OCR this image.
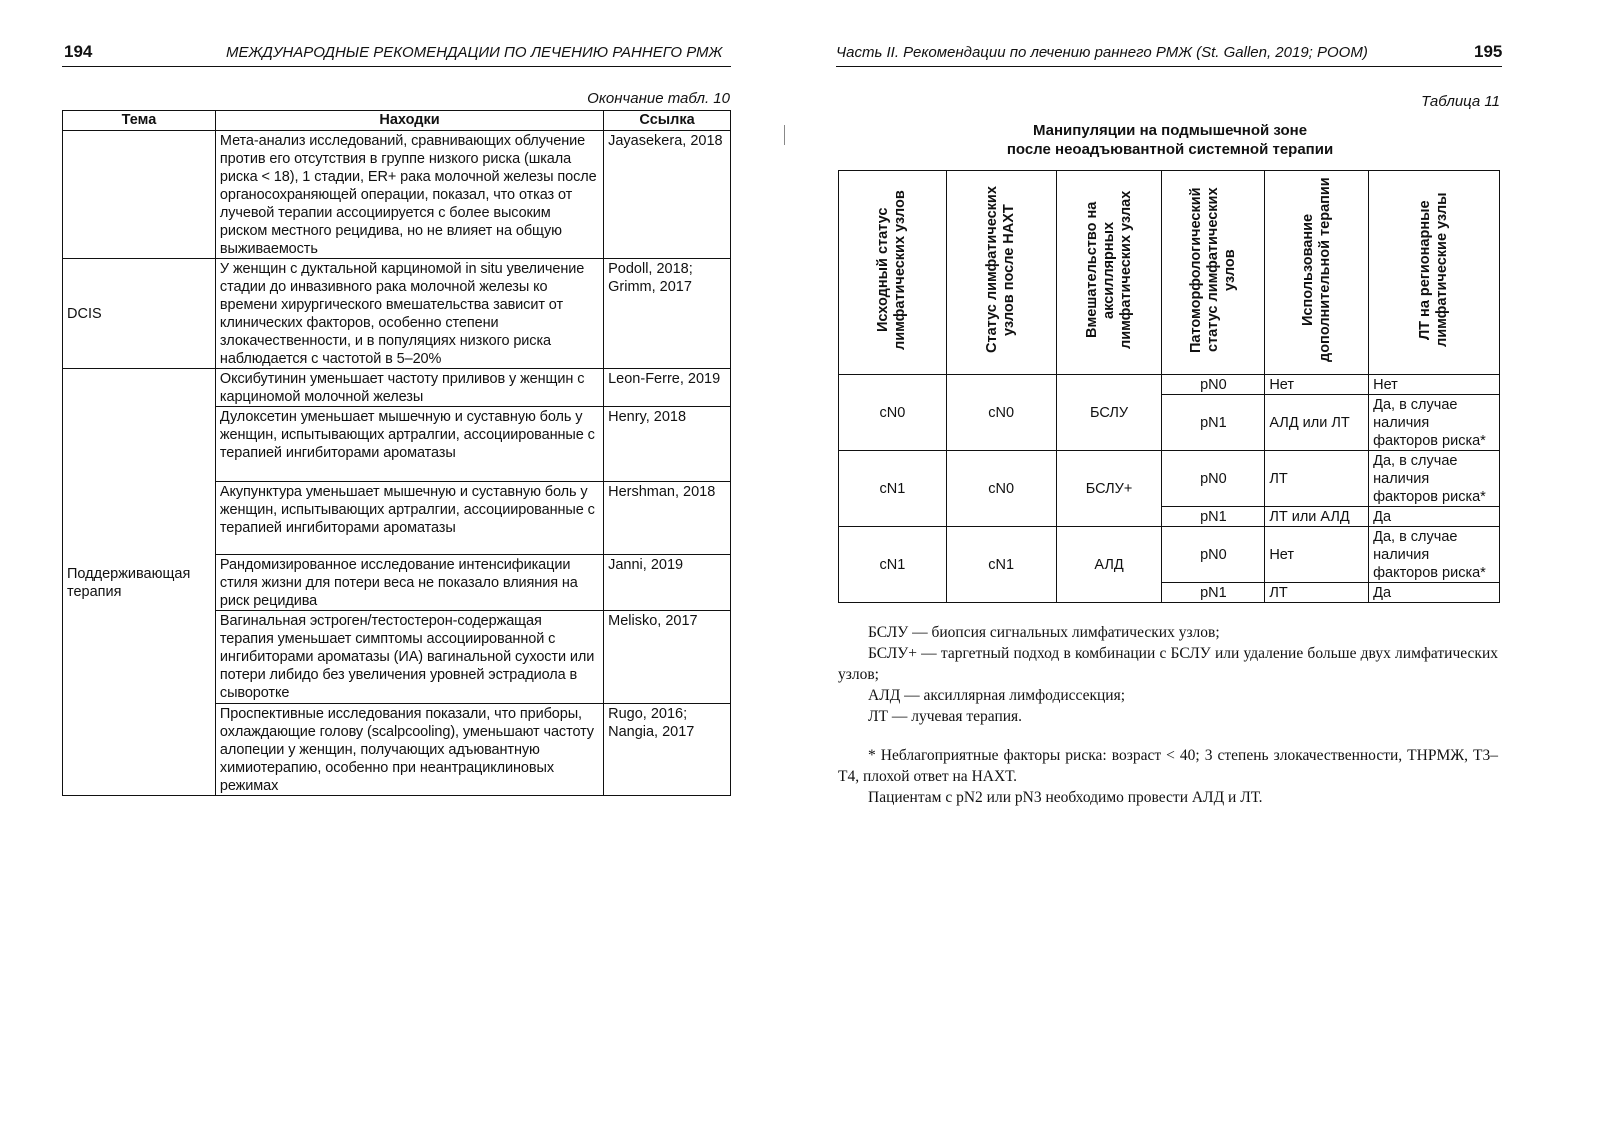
194	МЕЖДУНАРОДНЫЕ РЕКОМЕНДАЦИИ ПО ЛЕЧЕНИЮ РАННЕГО РМЖ
Окончание табл. 10
Тема	Находки	Ссылка
	Мета-анализ исследований, сравнивающих облучение против его отсутствия в группе низкого риска (шкала риска < 18), 1 стадии, ER+ рака молочной железы после органосохраняющей операции, показал, что отказ от лучевой терапии ассоциируется с более высоким риском местного рецидива, но не влияет на общую выживаемость	Jayasekera, 2018
DCIS	У женщин с дуктальной карциномой in situ увеличение стадии до инвазивного рака молочной железы ко времени хирургического вмешательства зависит от клинических факторов, особенно степени злокачественности, и в популяциях низкого риска наблюдается с частотой в 5–20%	Podoll, 2018; Grimm, 2017
Поддерживающая терапия	Оксибутинин уменьшает частоту приливов у женщин с карциномой молочной железы	Leon-Ferre, 2019
	Дулоксетин уменьшает мышечную и суставную боль у женщин, испытывающих артралгии, ассоциированные с терапией ингибиторами ароматазы	Henry, 2018
	Акупунктура уменьшает мышечную и суставную боль у женщин, испытывающих артралгии, ассоциированные с терапией ингибиторами ароматазы	Hershman, 2018
	Рандомизированное исследование интенсификации стиля жизни для потери веса не показало влияния на риск рецидива	Janni, 2019
	Вагинальная эстроген/тестостерон-содержащая терапия уменьшает симптомы ассоциированной с ингибиторами ароматазы (ИА) вагинальной сухости или потери либидо без увеличения уровней эстрадиола в сыворотке	Melisko, 2017
	Проспективные исследования показали, что приборы, охлаждающие голову (scalpcooling), уменьшают частоту алопеции у женщин, получающих адъювантную химиотерапию, особенно при неантрациклиновых режимах	Rugo, 2016; Nangia, 2017
Часть II. Рекомендации по лечению раннего РМЖ (St. Gallen, 2019; РООМ)	195
Таблица 11
Манипуляции на подмышечной зоне
после неоадъювантной системной терапии
Исходный статус лимфатических узлов	Статус лимфатических узлов после НАХТ	Вмешательство на аксиллярных лимфатических узлах	Патоморфологический статус лимфатических узлов	Использование дополнительной терапии	ЛТ на регионарные лимфатические узлы
cN0	cN0	БСЛУ	pN0	Нет	Нет
			pN1	АЛД или ЛТ	Да, в случае наличия факторов риска*
cN1	cN0	БСЛУ+	pN0	ЛТ	Да, в случае наличия факторов риска*
			pN1	ЛТ или АЛД	Да
cN1	cN1	АЛД	pN0	Нет	Да, в случае наличия факторов риска*
			pN1	ЛТ	Да

БСЛУ — биопсия сигнальных лимфатических узлов;

БСЛУ+ — таргетный подход в комбинации с БСЛУ или удаление больше двух лимфатических узлов;

АЛД — аксиллярная лимфодиссекция;

ЛТ — лучевая терапия.

* Неблагоприятные факторы риска: возраст < 40; 3 степень злокачественности, ТНРМЖ, Т3–Т4, плохой ответ на НАХТ.

Пациентам с pN2 или pN3 необходимо провести АЛД и ЛТ.
